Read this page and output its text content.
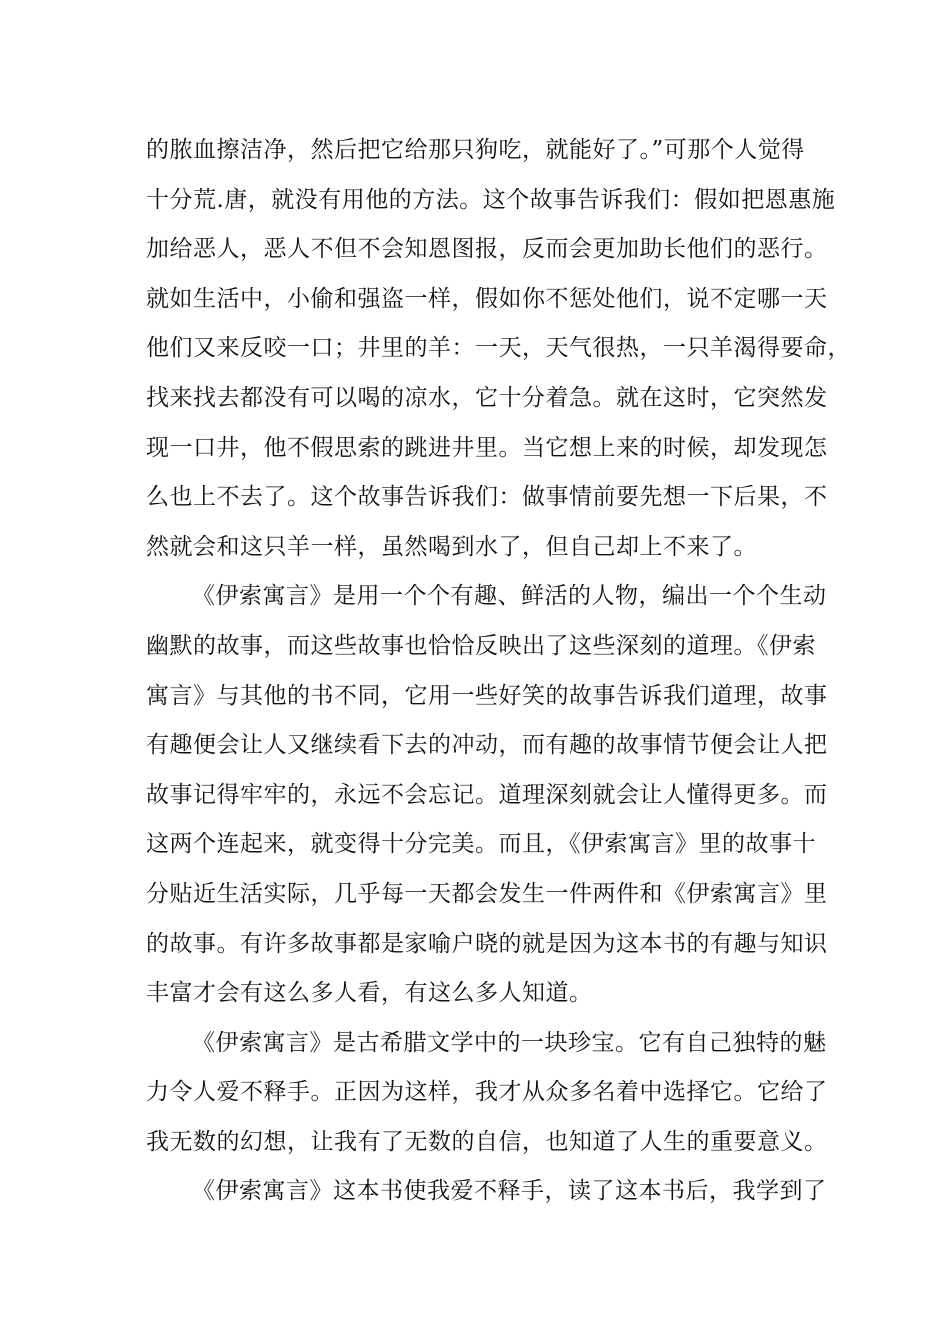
的脓血擦洁净，然后把它给那只狗吃，就能好了。”可那个人觉得
十分荒.唐，就没有用他的方法。这个故事告诉我们：假如把恩惠施
加给恶人，恶人不但不会知恩图报，反而会更加助长他们的恶行。
就如生活中，小偷和强盗一样，假如你不惩处他们，说不定哪一天
他们又来反咬一口；井里的羊：一天，天气很热，一只羊渴得要命，
找来找去都没有可以喝的凉水，它十分着急。就在这时，它突然发
现一口井，他不假思索的跳进井里。当它想上来的时候，却发现怎
么也上不去了。这个故事告诉我们：做事情前要先想一下后果，不
然就会和这只羊一样，虽然喝到水了，但自己却上不来了。
《伊索寓言》是用一个个有趣、鲜活的人物，编出一个个生动
幽默的故事，而这些故事也恰恰反映出了这些深刻的道理。《伊索
寓言》与其他的书不同，它用一些好笑的故事告诉我们道理，故事
有趣便会让人又继续看下去的冲动，而有趣的故事情节便会让人把
故事记得牢牢的，永远不会忘记。道理深刻就会让人懂得更多。而
这两个连起来，就变得十分完美。而且，《伊索寓言》里的故事十
分贴近生活实际，几乎每一天都会发生一件两件和《伊索寓言》里
的故事。有许多故事都是家喻户晓的就是因为这本书的有趣与知识
丰富才会有这么多人看，有这么多人知道。
《伊索寓言》是古希腊文学中的一块珍宝。它有自己独特的魅
力令人爱不释手。正因为这样，我才从众多名着中选择它。它给了
我无数的幻想，让我有了无数的自信，也知道了人生的重要意义。
《伊索寓言》这本书使我爱不释手，读了这本书后，我学到了
